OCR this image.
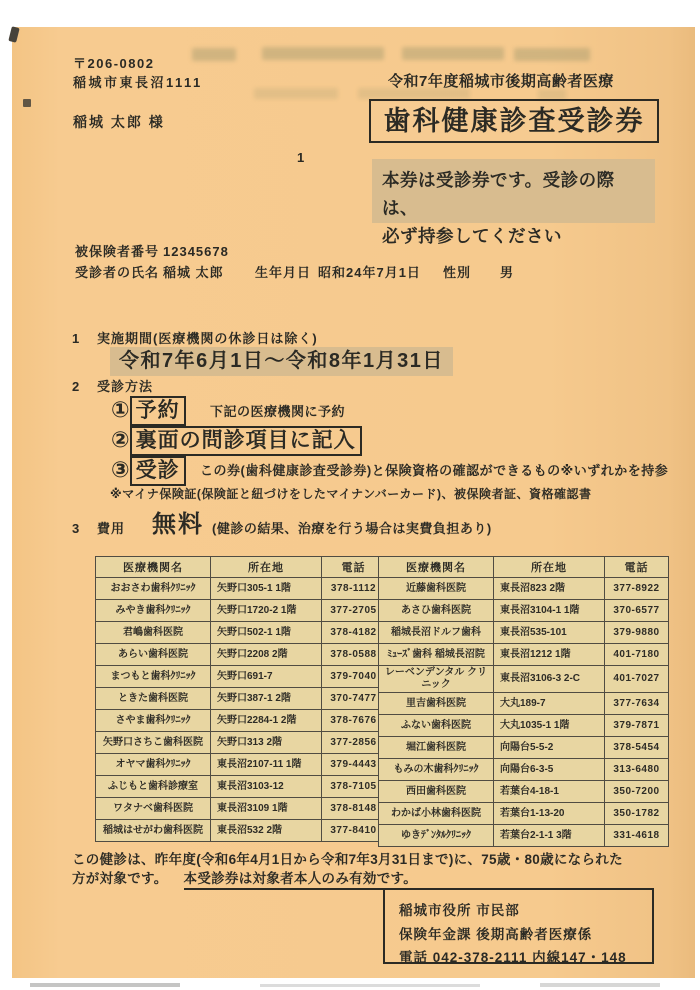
〒206-0802
稲城市東長沼1111
稲城 太郎 様
令和7年度稲城市後期高齢者医療
歯科健康診査受診券
1
本券は受診券です。受診の際は、
必ず持参してください
被保険者番号 12345678
受診者の氏名 稲城 太郎 生年月日 昭和24年7月1日 性別 男
1 実施期間(医療機関の休診日は除く)
令和7年6月1日〜令和8年1月31日
2 受診方法
① 予約	下記の医療機関に予約
② 裏面の問診項目に記入
③ 受診	この券(歯科健康診査受診券)と保険資格の確認ができるもの※いずれかを持参
※マイナ保険証(保険証と紐づけをしたマイナンバーカード)、被保険者証、資格確認書
3 費用 無料 (健診の結果、治療を行う場合は実費負担あり)
医療機関名	所在地	電話
おおさわ歯科ｸﾘﾆｯｸ	矢野口305-1 1階	378-1112
みやき歯科ｸﾘﾆｯｸ	矢野口1720-2 1階	377-2705
君嶋歯科医院	矢野口502-1 1階	378-4182
あらい歯科医院	矢野口2208 2階	378-0588
まつもと歯科ｸﾘﾆｯｸ	矢野口691-7	379-7040
ときた歯科医院	矢野口387-1 2階	370-7477
さやま歯科ｸﾘﾆｯｸ	矢野口2284-1 2階	378-7676
矢野口さちこ歯科医院	矢野口313 2階	377-2856
オヤマ歯科ｸﾘﾆｯｸ	東長沼2107-11 1階	379-4443
ふじもと歯科診療室	東長沼3103-12	378-7105
ワタナベ歯科医院	東長沼3109 1階	378-8148
稲城はせがわ歯科医院	東長沼532 2階	377-8410
医療機関名	所在地	電話
近藤歯科医院	東長沼823 2階	377-8922
あさひ歯科医院	東長沼3104-1 1階	370-6577
稲城長沼ドルフ歯科	東長沼535-101	379-9880
ﾐｭｰｽﾞ歯科 稲城長沼院	東長沼1212 1階	401-7180
レーベンデンタル クリニック	東長沼3106-3 2-C	401-7027
里吉歯科医院	大丸189-7	377-7634
ふない歯科医院	大丸1035-1 1階	379-7871
堀江歯科医院	向陽台5-5-2	378-5454
もみの木歯科ｸﾘﾆｯｸ	向陽台6-3-5	313-6480
西田歯科医院	若葉台4-18-1	350-7200
わかば小林歯科医院	若葉台1-13-20	350-1782
ゆきﾃﾞﾝﾀﾙｸﾘﾆｯｸ	若葉台2-1-1 3階	331-4618
この健診は、昨年度(令和6年4月1日から令和7年3月31日まで)に、75歳・80歳になられた
方が対象です。 本受診券は対象者本人のみ有効です。
稲城市役所 市民部
保険年金課 後期高齢者医療係
電話 042-378-2111 内線147・148
